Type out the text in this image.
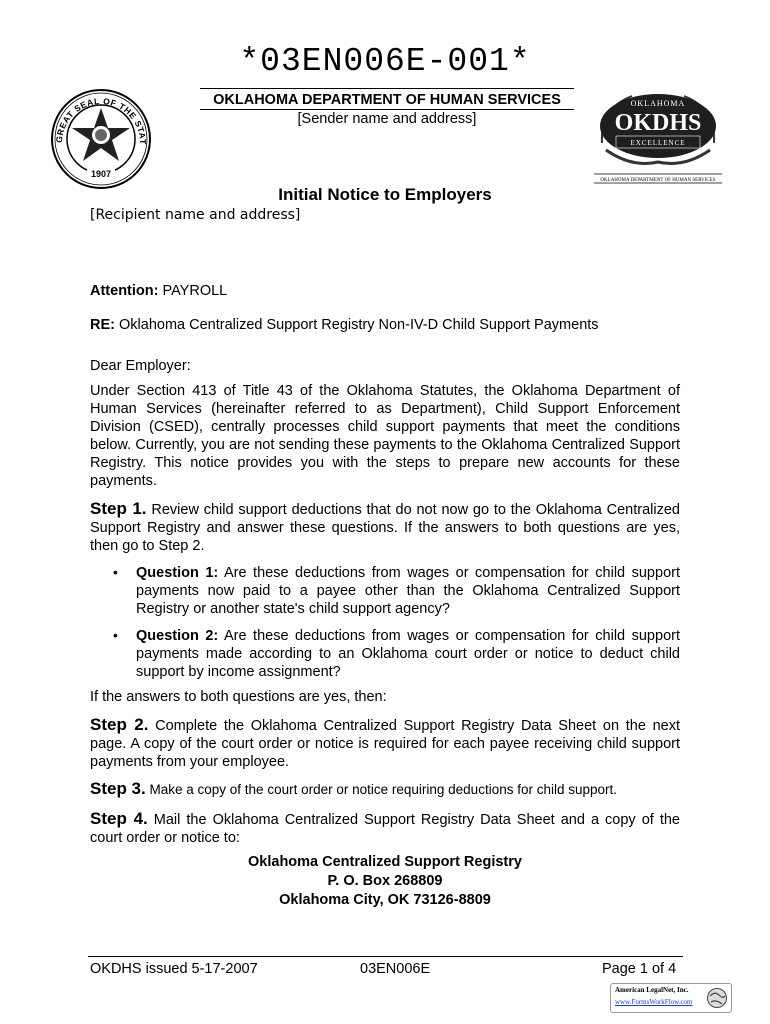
*03EN006E-001*
GREAT SEAL OF THE STAT
1907
OKLAHOMA DEPARTMENT OF HUMAN SERVICES
[Sender name and address]
OKLAHOMA
OKDHS
EXCELLENCE
OKLAHOMA DEPARTMENT OF HUMAN SERVICES
Initial Notice to Employers
[Recipient name and address]
Attention: PAYROLL
RE: Oklahoma Centralized Support Registry Non-IV-D Child Support Payments
Dear Employer:
Under Section 413 of Title 43 of the Oklahoma Statutes, the Oklahoma Department of Human Services (hereinafter referred to as Department), Child Support Enforcement Division (CSED), centrally processes child support payments that meet the conditions below. Currently, you are not sending these payments to the Oklahoma Centralized Support Registry. This notice provides you with the steps to prepare new accounts for these payments.
Step 1. Review child support deductions that do not now go to the Oklahoma Centralized Support Registry and answer these questions. If the answers to both questions are yes, then go to Step 2.
• Question 1: Are these deductions from wages or compensation for child support payments now paid to a payee other than the Oklahoma Centralized Support Registry or another state's child support agency?
• Question 2: Are these deductions from wages or compensation for child support payments made according to an Oklahoma court order or notice to deduct child support by income assignment?
If the answers to both questions are yes, then:
Step 2. Complete the Oklahoma Centralized Support Registry Data Sheet on the next page. A copy of the court order or notice is required for each payee receiving child support payments from your employee.
Step 3. Make a copy of the court order or notice requiring deductions for child support.
Step 4. Mail the Oklahoma Centralized Support Registry Data Sheet and a copy of the court order or notice to:
Oklahoma Centralized Support Registry
P. O. Box 268809
Oklahoma City, OK 73126-8809
OKDHS issued 5-17-2007	03EN006E	Page 1 of 4
American LegalNet, Inc.
www.FormsWorkFlow.com
